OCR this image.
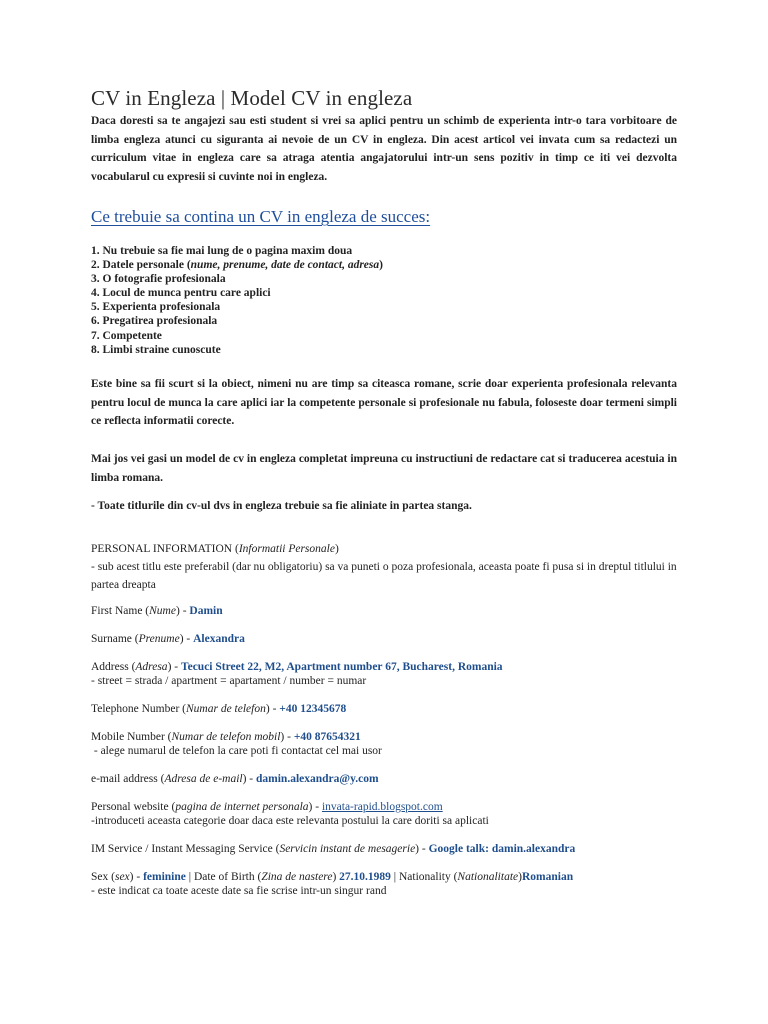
CV in Engleza | Model CV in engleza

Daca doresti sa te angajezi sau esti student si vrei sa aplici pentru un schimb de experienta intr-o tara vorbitoare de limba engleza atunci cu siguranta ai nevoie de un CV in engleza. Din acest articol vei invata cum sa redactezi un curriculum vitae in engleza care sa atraga atentia angajatorului intr-un sens pozitiv in timp ce iti vei dezvolta vocabularul cu expresii si cuvinte noi in engleza.

Ce trebuie sa contina un CV in engleza de succes:
1. Nu trebuie sa fie mai lung de o pagina maxim doua
2. Datele personale (nume, prenume, date de contact, adresa)
3. O fotografie profesionala
4. Locul de munca pentru care aplici
5. Experienta profesionala
6. Pregatirea profesionala
7. Competente
8. Limbi straine cunoscute

Este bine sa fii scurt si la obiect, nimeni nu are timp sa citeasca romane, scrie doar experienta profesionala relevanta pentru locul de munca la care aplici iar la competente personale si profesionale nu fabula, foloseste doar termeni simpli ce reflecta informatii corecte.

Mai jos vei gasi un model de cv in engleza completat impreuna cu instructiuni de redactare cat si traducerea acestuia in limba romana.

- Toate titlurile din cv-ul dvs in engleza trebuie sa fie aliniate in partea stanga.

PERSONAL INFORMATION (Informatii Personale)
- sub acest titlu este preferabil (dar nu obligatoriu) sa va puneti o poza profesionala, aceasta poate fi pusa si in dreptul titlului in partea dreapta
First Name (Nume) - Damin
Surname (Prenume) - Alexandra
Address (Adresa) - Tecuci Street 22, M2, Apartment number 67, Bucharest, Romania
- street = strada / apartment = apartament / number = numar
Telephone Number (Numar de telefon) - +40 12345678
Mobile Number (Numar de telefon mobil) - +40 87654321
- alege numarul de telefon la care poti fi contactat cel mai usor
e-mail address (Adresa de e-mail) - damin.alexandra@y.com
Personal website (pagina de internet personala) - invata-rapid.blogspot.com
-introduceti aceasta categorie doar daca este relevanta postului la care doriti sa aplicati
IM Service / Instant Messaging Service (Servicin instant de mesagerie) - Google talk: damin.alexandra
Sex (sex) - feminine | Date of Birth (Zina de nastere) 27.10.1989 | Nationality (Nationalitate)Romanian
- este indicat ca toate aceste date sa fie scrise intr-un singur rand
